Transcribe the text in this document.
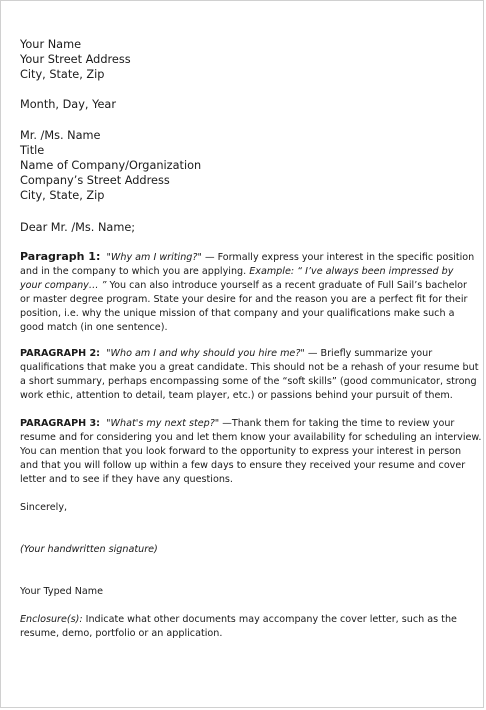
Your Name
Your Street Address
City, State, Zip
Month, Day, Year
Mr. /Ms. Name
Title
Name of Company/Organization
Company’s Street Address
City, State, Zip
Dear Mr. /Ms. Name;
Paragraph 1: "Why am I writing?" — Formally express your interest in the specific position
and in the company to which you are applying. Example: “ I’ve always been impressed by
your company… ” You can also introduce yourself as a recent graduate of Full Sail’s bachelor
or master degree program. State your desire for and the reason you are a perfect fit for their
position, i.e. why the unique mission of that company and your qualifications make such a
good match (in one sentence).
PARAGRAPH 2: "Who am I and why should you hire me?" — Briefly summarize your
qualifications that make you a great candidate. This should not be a rehash of your resume but
a short summary, perhaps encompassing some of the “soft skills” (good communicator, strong
work ethic, attention to detail, team player, etc.) or passions behind your pursuit of them.
PARAGRAPH 3: "What's my next step?" —Thank them for taking the time to review your
resume and for considering you and let them know your availability for scheduling an interview.
You can mention that you look forward to the opportunity to express your interest in person
and that you will follow up within a few days to ensure they received your resume and cover
letter and to see if they have any questions.
Sincerely,
(Your handwritten signature)
Your Typed Name
Enclosure(s): Indicate what other documents may accompany the cover letter, such as the
resume, demo, portfolio or an application.
